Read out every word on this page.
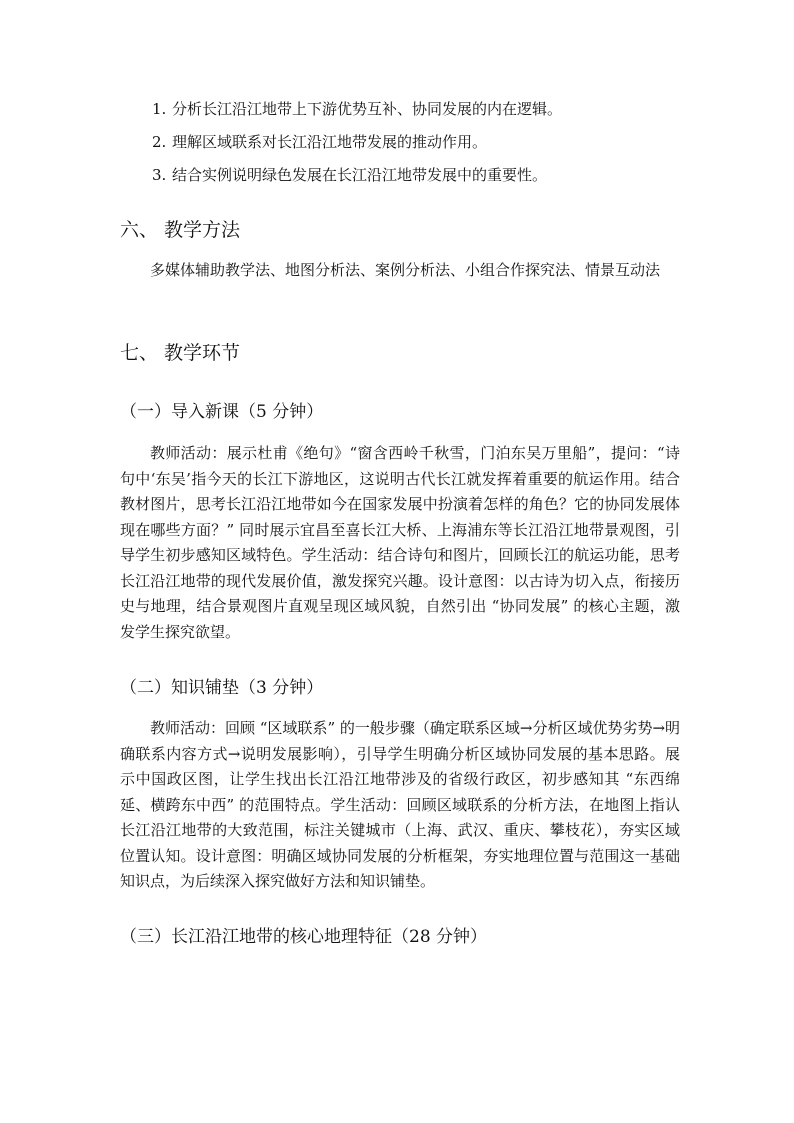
1. 分析长江沿江地带上下游优势互补、协同发展的内在逻辑。
2. 理解区域联系对长江沿江地带发展的推动作用。
3. 结合实例说明绿色发展在长江沿江地带发展中的重要性。
六、 教学方法
多媒体辅助教学法、地图分析法、案例分析法、小组合作探究法、情景互动法
七、 教学环节
（一）导入新课（5 分钟）
教师活动：展示杜甫《绝句》“窗含西岭千秋雪，门泊东吴万里船”，提问：“诗句中‘东吴’指今天的长江下游地区，这说明古代长江就发挥着重要的航运作用。结合教材图片，思考长江沿江地带如今在国家发展中扮演着怎样的角色？它的协同发展体现在哪些方面？” 同时展示宜昌至喜长江大桥、上海浦东等长江沿江地带景观图，引导学生初步感知区域特色。学生活动：结合诗句和图片，回顾长江的航运功能，思考长江沿江地带的现代发展价值，激发探究兴趣。设计意图：以古诗为切入点，衔接历史与地理，结合景观图片直观呈现区域风貌，自然引出 “协同发展” 的核心主题，激发学生探究欲望。
（二）知识铺垫（3 分钟）
教师活动：回顾 “区域联系” 的一般步骤（确定联系区域→分析区域优势劣势→明确联系内容方式→说明发展影响），引导学生明确分析区域协同发展的基本思路。展示中国政区图，让学生找出长江沿江地带涉及的省级行政区，初步感知其 “东西绵延、横跨东中西” 的范围特点。学生活动：回顾区域联系的分析方法，在地图上指认长江沿江地带的大致范围，标注关键城市（上海、武汉、重庆、攀枝花），夯实区域位置认知。设计意图：明确区域协同发展的分析框架，夯实地理位置与范围这一基础知识点，为后续深入探究做好方法和知识铺垫。
（三）长江沿江地带的核心地理特征（28 分钟）
